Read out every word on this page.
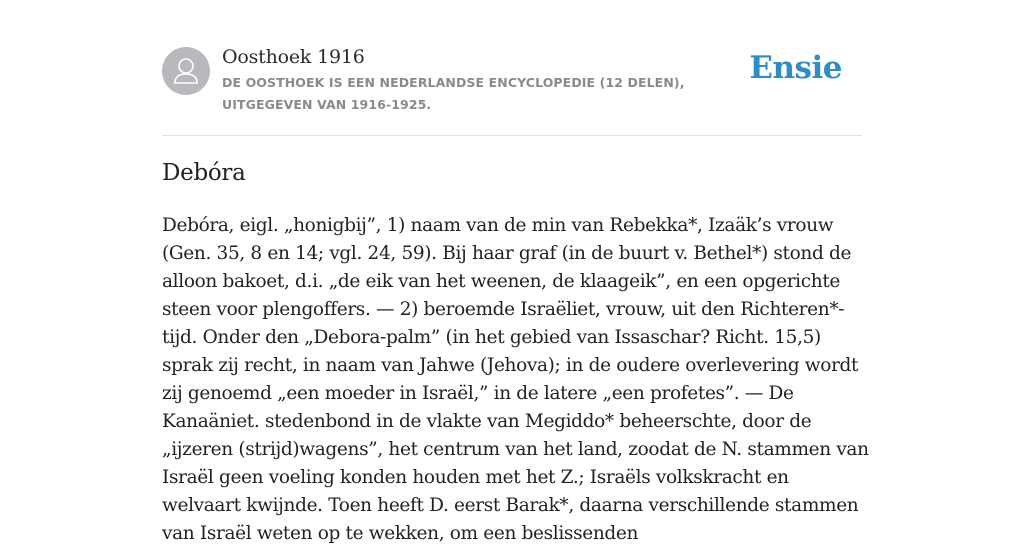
Oosthoek 1916
DE OOSTHOEK IS EEN NEDERLANDSE ENCYCLOPEDIE (12 DELEN), UITGEGEVEN VAN 1916-1925.
Ensie
Debóra

Debóra, eigl. „honigbij”, 1) naam van de min van Rebekka*, Izaäk’s vrouw (Gen. 35, 8 en 14; vgl. 24, 59). Bij haar graf (in de buurt v. Bethel*) stond de alloon bakoet, d.i. „de eik van het weenen, de klaageik”, en een opgerichte steen voor plengoffers. — 2) beroemde Israëliet, vrouw, uit den Richteren*-tijd. Onder den „Debora-palm” (in het gebied van Issaschar? Richt. 15,5) sprak zij recht, in naam van Jahwe (Jehova); in de oudere overlevering wordt zij genoemd „een moeder in Israël,” in de latere „een profetes”. — De Kanaäniet. stedenbond in de vlakte van Megiddo* beheerschte, door de „ijzeren (strijd)wagens”, het centrum van het land, zoodat de N. stammen van Israël geen voeling konden houden met het Z.; Israëls volkskracht en welvaart kwijnde. Toen heeft D. eerst Barak*, daarna verschillende stammen van Israël weten op te wekken, om een beslissenden
